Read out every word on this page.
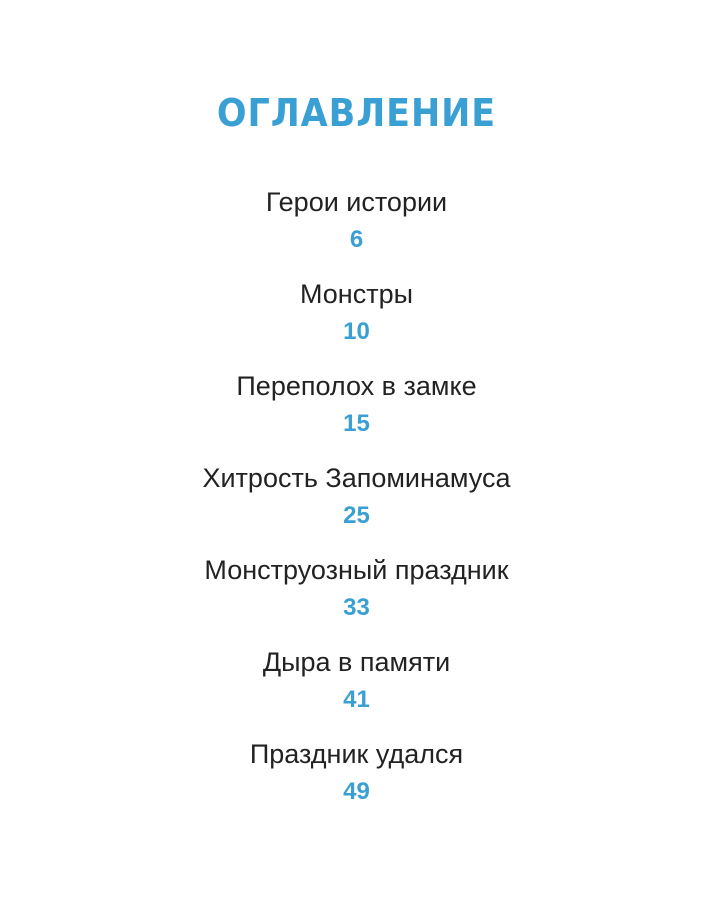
ОГЛАВЛЕНИЕ
Герои истории
6
Монстры
10
Переполох в замке
15
Хитрость Запоминамуса
25
Монструозный праздник
33
Дыра в памяти
41
Праздник удался
49
